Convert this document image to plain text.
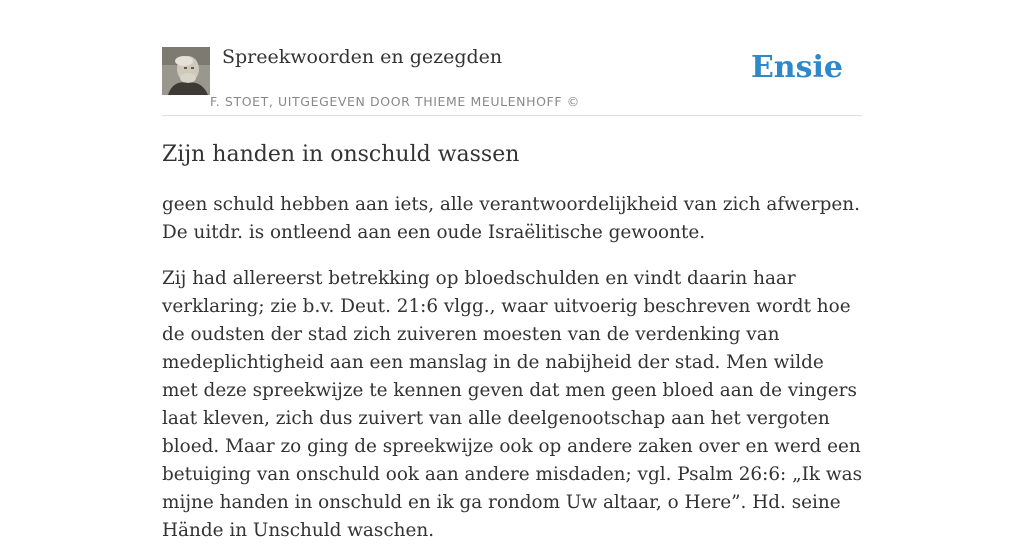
Spreekwoorden en gezegden
F. STOET, UITGEGEVEN DOOR THIEME MEULENHOFF ©
Ensie
Zijn handen in onschuld wassen

geen schuld hebben aan iets, alle verantwoordelijkheid van zich afwerpen. De uitdr. is ontleend aan een oude Israëlitische gewoonte.

Zij had allereerst betrekking op bloedschulden en vindt daarin haar verklaring; zie b.v. Deut. 21:6 vlgg., waar uitvoerig beschreven wordt hoe de oudsten der stad zich zuiveren moesten van de verdenking van medeplichtigheid aan een manslag in de nabijheid der stad. Men wilde met deze spreekwijze te kennen geven dat men geen bloed aan de vingers laat kleven, zich dus zuivert van alle deelgenootschap aan het vergoten bloed. Maar zo ging de spreekwijze ook op andere zaken over en werd een betuiging van onschuld ook aan andere misdaden; vgl. Psalm 26:6: „Ik was mijne handen in onschuld en ik ga rondom Uw altaar, o Here”. Hd. seine Hände in Unschuld waschen.
